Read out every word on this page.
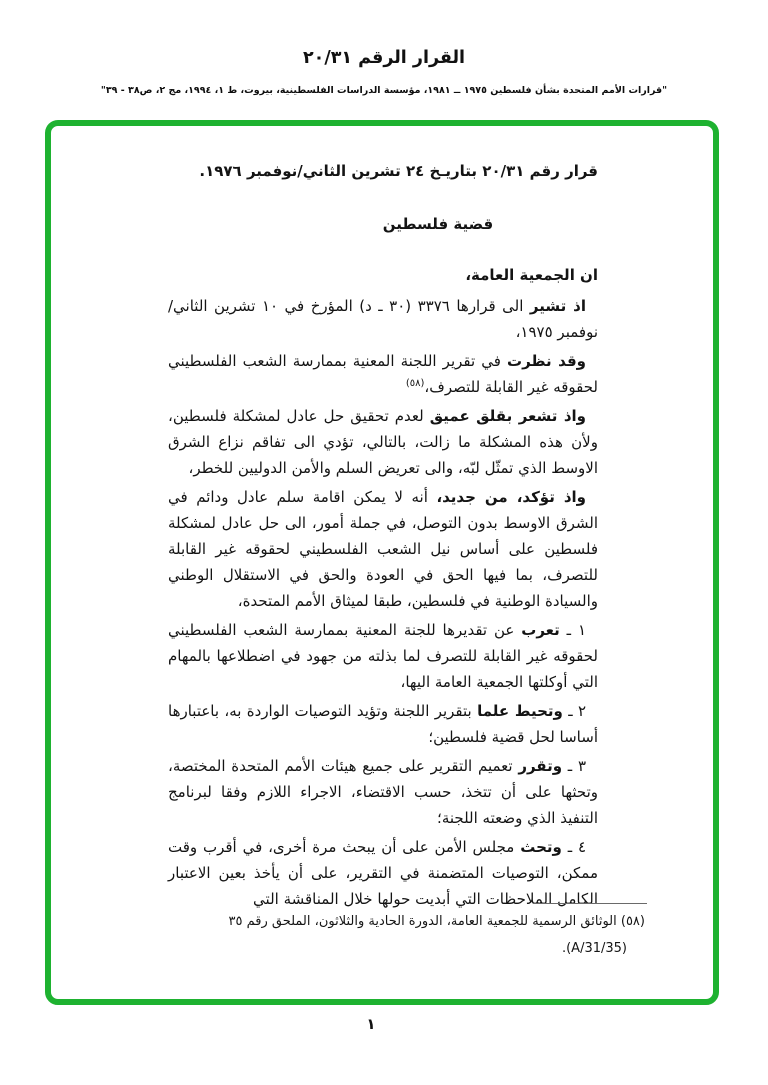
القرار الرقم ٢٠/٣١
"قرارات الأمم المتحدة بشأن فلسطين ١٩٧٥ ــ ١٩٨١، مؤسسة الدراسات الفلسطينية، بيروت، ط ١، ١٩٩٤، مج ٢، ص٣٨ - ٣٩"

قرار رقم ٢٠/٣١ بتاريـخ ٢٤ تشرين الثاني/نوفمبر ١٩٧٦.

قضية فلسطين

ان الجمعية العامة،

اذ تشير الى قرارها ٣٣٧٦ ‭(د ـ ٣٠)‬ المؤرخ في ١٠ تشرين الثاني/نوفمبر ١٩٧٥،

وقد نظرت في تقرير اللجنة المعنية بممارسة الشعب الفلسطيني لحقوقه غير القابلة للتصرف،$^{(٥٨)}$

واذ تشعر بقلق عميق لعدم تحقيق حل عادل لمشكلة فلسطين، ولأن هذه المشكلة ما زالت، بالتالي، تؤدي الى تفاقم نزاع الشرق الاوسط الذي تمثّل لبّه، والى تعريض السلم والأمن الدوليين للخطر،

واذ تؤكد، من جديد، أنه لا يمكن اقامة سلم عادل ودائم في الشرق الاوسط بدون التوصل، في جملة أمور، الى حل عادل لمشكلة فلسطين على أساس نيل الشعب الفلسطيني لحقوقه غير القابلة للتصرف، بما فيها الحق في العودة والحق في الاستقلال الوطني والسيادة الوطنية في فلسطين، طبقا لميثاق الأمم المتحدة،

١ ـ تعرب عن تقديرها للجنة المعنية بممارسة الشعب الفلسطيني لحقوقه غير القابلة للتصرف لما بذلته من جهود في اضطلاعها بالمهام التي أوكلتها الجمعية العامة اليها،

٢ ـ وتحيط علما بتقرير اللجنة وتؤيد التوصيات الواردة به، باعتبارها أساسا لحل قضية فلسطين؛

٣ ـ وتقرر تعميم التقرير على جميع هيئات الأمم المتحدة المختصة، وتحثها على أن تتخذ، حسب الاقتضاء، الاجراء اللازم وفقا لبرنامج التنفيذ الذي وضعته اللجنة؛

٤ ـ وتحث مجلس الأمن على أن يبحث مرة أخرى، في أقرب وقت ممكن، التوصيات المتضمنة في التقرير، على أن يأخذ بعين الاعتبار الكامل الملاحظات التي أبديت حولها خلال المناقشة التي

(٥٨) الوثائق الرسمية للجمعية العامة، الدورة الحادية والثلاثون، الملحق رقم ٣٥
(A/31/35).
١
